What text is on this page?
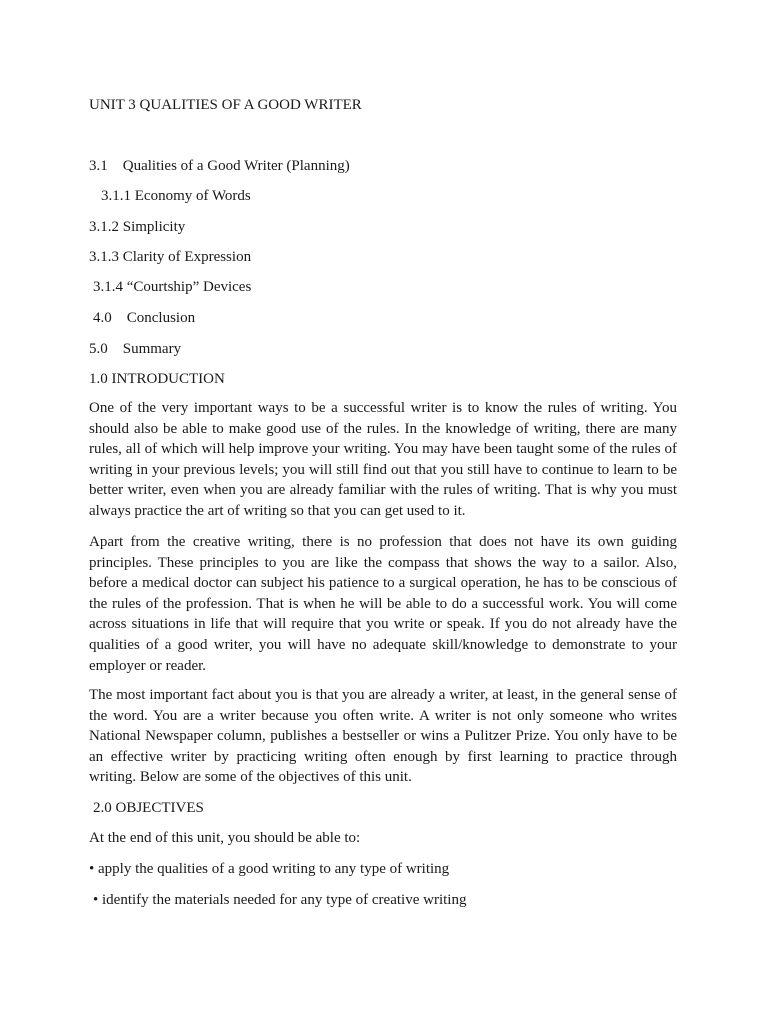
UNIT 3 QUALITIES OF A GOOD WRITER
3.1    Qualities of a Good Writer (Planning)
3.1.1 Economy of Words
3.1.2 Simplicity
3.1.3 Clarity of Expression
3.1.4 “Courtship” Devices
4.0    Conclusion
5.0    Summary
1.0 INTRODUCTION
One of the very important ways to be a successful writer is to know the rules of writing. You should also be able to make good use of the rules. In the knowledge of writing, there are many rules, all of which will help improve your writing. You may have been taught some of the rules of writing in your previous levels; you will still find out that you still have to continue to learn to be better writer, even when you are already familiar with the rules of writing. That is why you must always practice the art of writing so that you can get used to it.
Apart from the creative writing, there is no profession that does not have its own guiding principles. These principles to you are like the compass that shows the way to a sailor. Also, before a medical doctor can subject his patience to a surgical operation, he has to be conscious of the rules of the profession. That is when he will be able to do a successful work. You will come across situations in life that will require that you write or speak. If you do not already have the qualities of a good writer, you will have no adequate skill/knowledge to demonstrate to your employer or reader.
The most important fact about you is that you are already a writer, at least, in the general sense of the word. You are a writer because you often write. A writer is not only someone who writes National Newspaper column, publishes a bestseller or wins a Pulitzer Prize. You only have to be an effective writer by practicing writing often enough by first learning to practice through writing. Below are some of the objectives of this unit.
2.0 OBJECTIVES
At the end of this unit, you should be able to:
• apply the qualities of a good writing to any type of writing
• identify the materials needed for any type of creative writing
